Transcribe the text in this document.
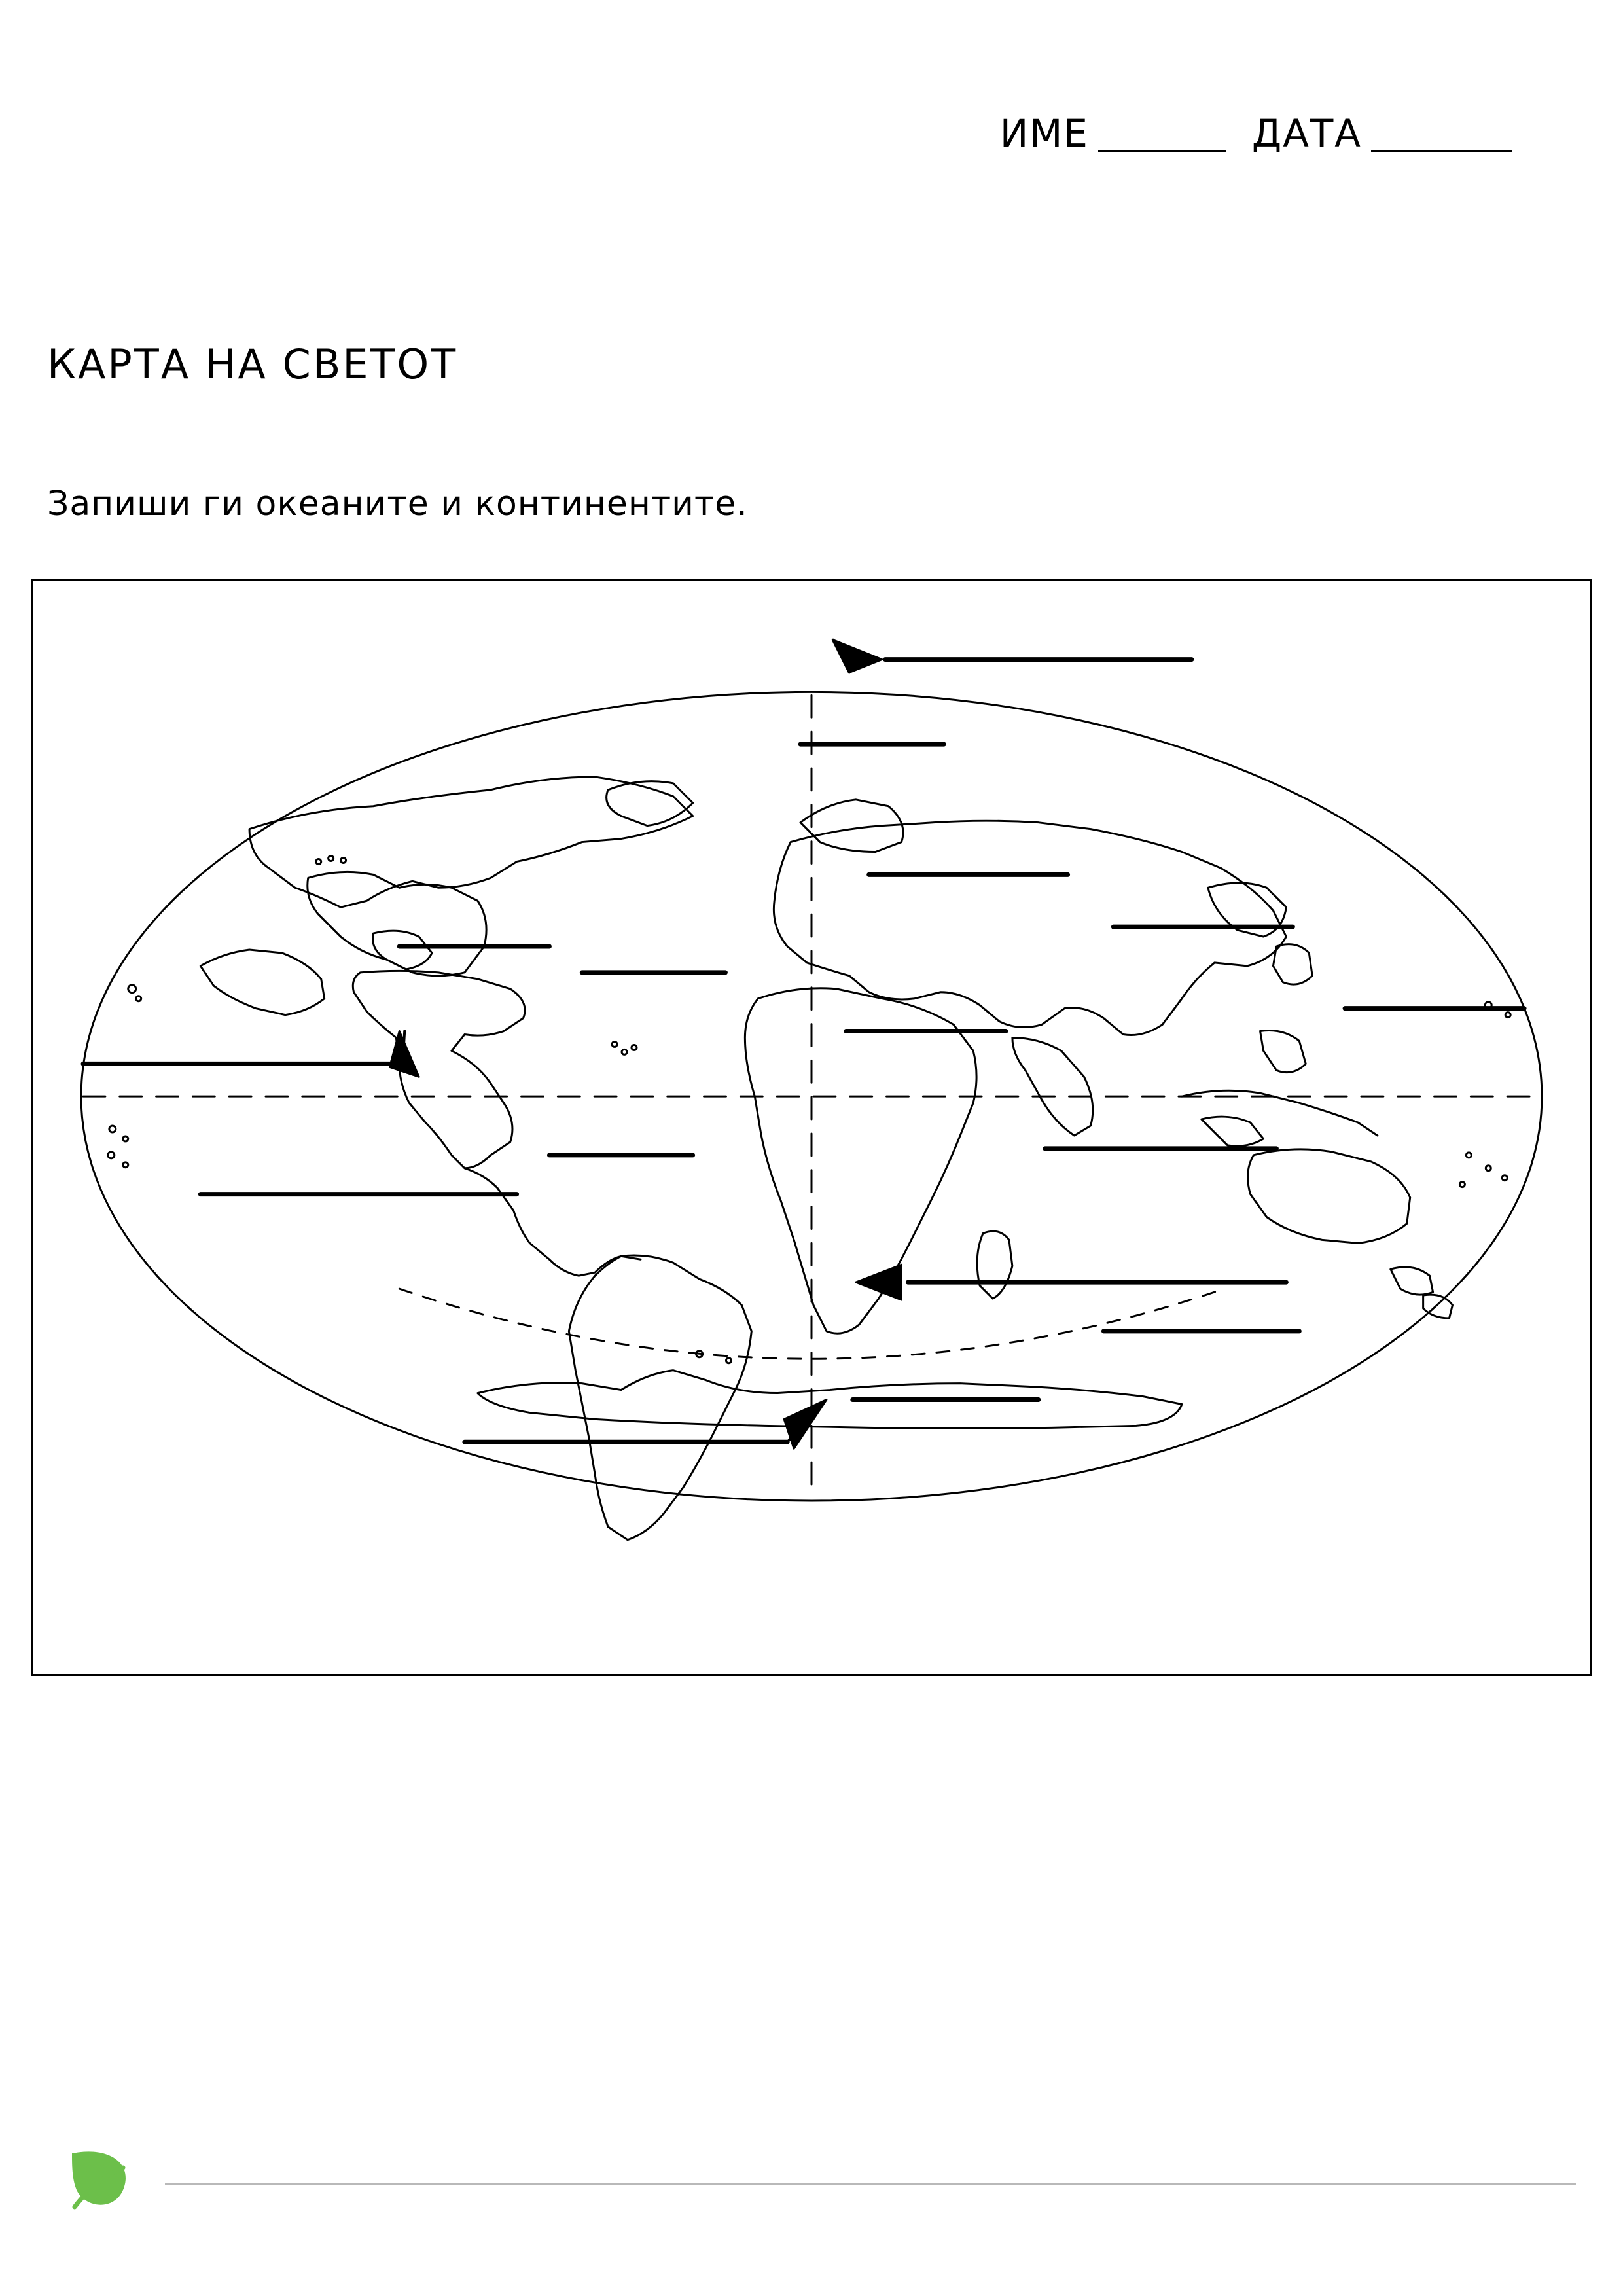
ИМЕ	ДАТА
КАРТА НА СВЕТОТ
Запиши ги океаните и континентите.
